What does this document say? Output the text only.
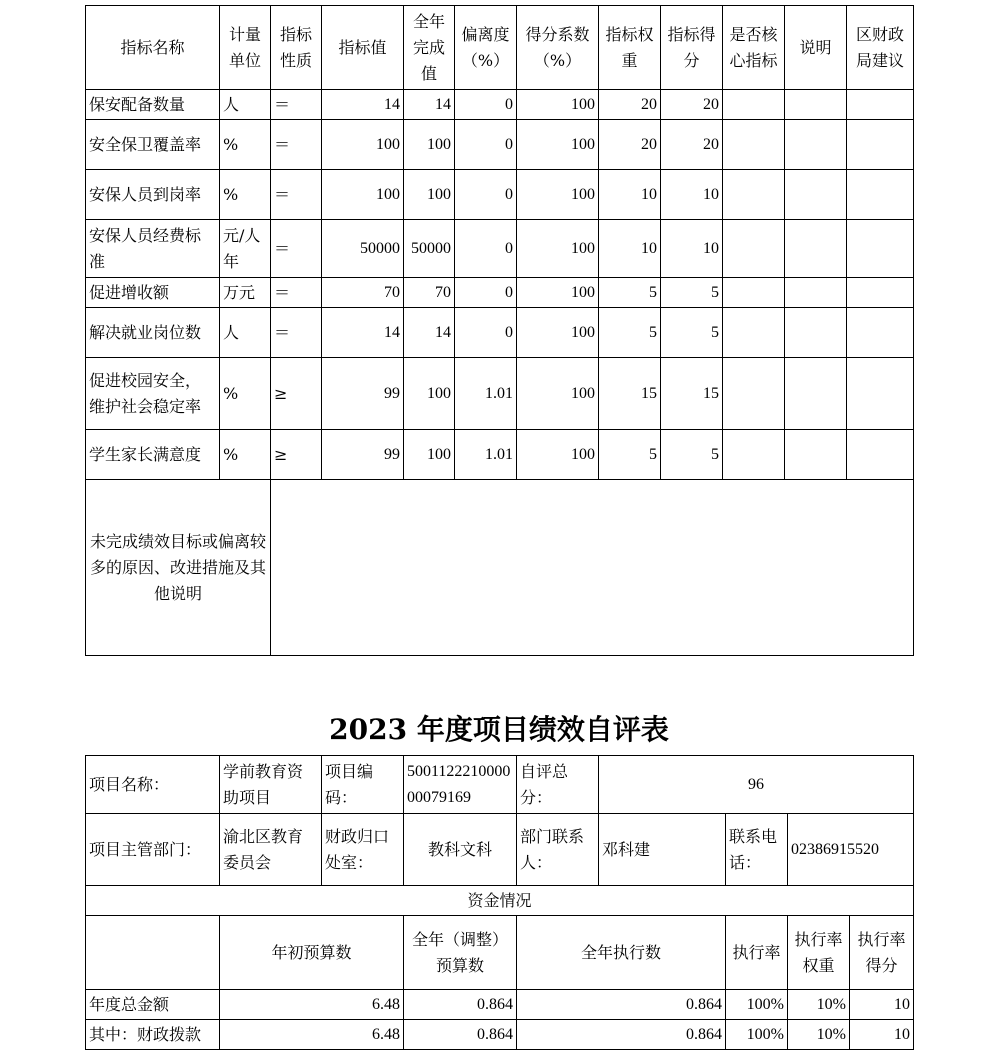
指标名称	计量单位	指标性质	指标值	全年完成值	偏离度（%）	得分系数（%）	指标权重	指标得分	是否核心指标	说明	区财政局建议
保安配备数量	人	＝	14	14	0	100	20	20			
安全保卫覆盖率	%	＝	100	100	0	100	20	20			
安保人员到岗率	%	＝	100	100	0	100	10	10			
安保人员经费标准	元/人年	＝	50000	50000	0	100	10	10			
促进增收额	万元	＝	70	70	0	100	5	5			
解决就业岗位数	人	＝	14	14	0	100	5	5			
促进校园安全，维护社会稳定率	%	≥	99	100	1.01	100	15	15			
学生家长满意度	%	≥	99	100	1.01	100	5	5			
未完成绩效目标或偏离较多的原因、改进措施及其他说明											
2023 年度项目绩效自评表
项目名称：	学前教育资助项目	项目编码：	500112221000000079169	自评总分：	96			
项目主管部门：	渝北区教育委员会	财政归口处室：	教科文科	部门联系人：	邓科建	联系电话：	02386915520	
资金情况								
	年初预算数		全年（调整）预算数	全年执行数		执行率	执行率权重	执行率得分
年度总金额	6.48		0.864	0.864		100%	10%	10
其中：财政拨款	6.48		0.864	0.864		100%	10%	10
